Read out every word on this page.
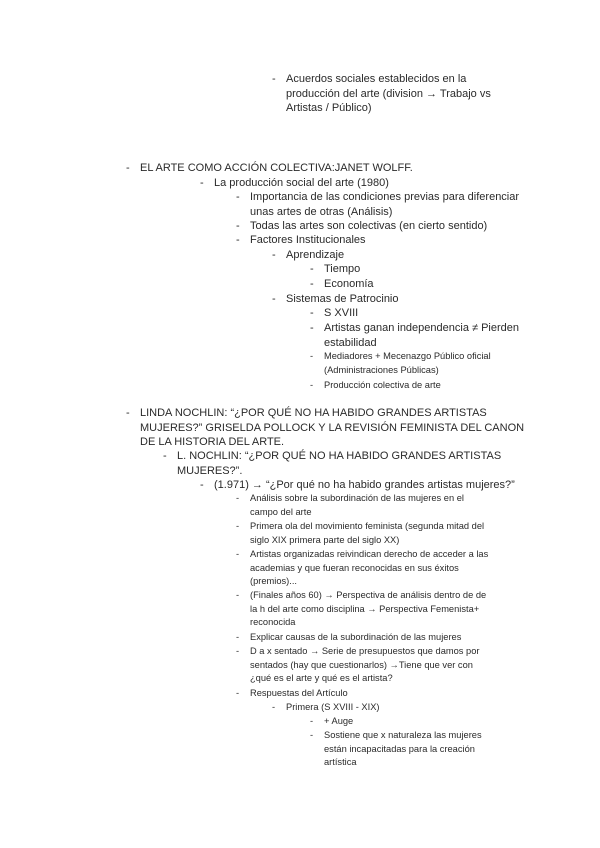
- Acuerdos sociales establecidos en la
producción del arte (division → Trabajo vs
Artistas / Público)
- EL ARTE COMO ACCIÓN COLECTIVA:JANET WOLFF.
- La producción social del arte (1980)
- Importancia de las condiciones previas para diferenciar
unas artes de otras (Análisis)
- Todas las artes son colectivas (en cierto sentido)
- Factores Institucionales
- Aprendizaje
- Tiempo
- Economía
- Sistemas de Patrocinio
- S XVIII
- Artistas ganan independencia ≠ Pierden
estabilidad
-	Mediadores + Mecenazgo Público oficial
(Administraciones Públicas)
-	Producción colectiva de arte
- LINDA NOCHLIN: “¿POR QUÉ NO HA HABIDO GRANDES ARTISTAS
MUJERES?” GRISELDA POLLOCK Y LA REVISIÓN FEMINISTA DEL CANON
DE LA HISTORIA DEL ARTE.
- L. NOCHLIN: “¿POR QUÉ NO HA HABIDO GRANDES ARTISTAS
MUJERES?”.
- (1.971) → “¿Por qué no ha habido grandes artistas mujeres?”
-	Análisis sobre la subordinación de las mujeres en el
campo del arte
-	Primera ola del movimiento feminista (segunda mitad del
siglo XIX primera parte del siglo XX)
-	Artistas organizadas reivindican derecho de acceder a las
academias y que fueran reconocidas en sus éxitos
(premios)...
-	(Finales años 60) → Perspectiva de análisis dentro de de
la h del arte como disciplina → Perspectiva Femenista+
reconocida
-	Explicar causas de la subordinación de las mujeres
-	D a x sentado → Serie de presupuestos que damos por
sentados (hay que cuestionarlos) →Tiene que ver con
¿qué es el arte y qué es el artista?
-	Respuestas del Artículo
-	Primera (S XVIII - XIX)
-	+ Auge
-	Sostiene que x naturaleza las mujeres
están incapacitadas para la creación
artística
